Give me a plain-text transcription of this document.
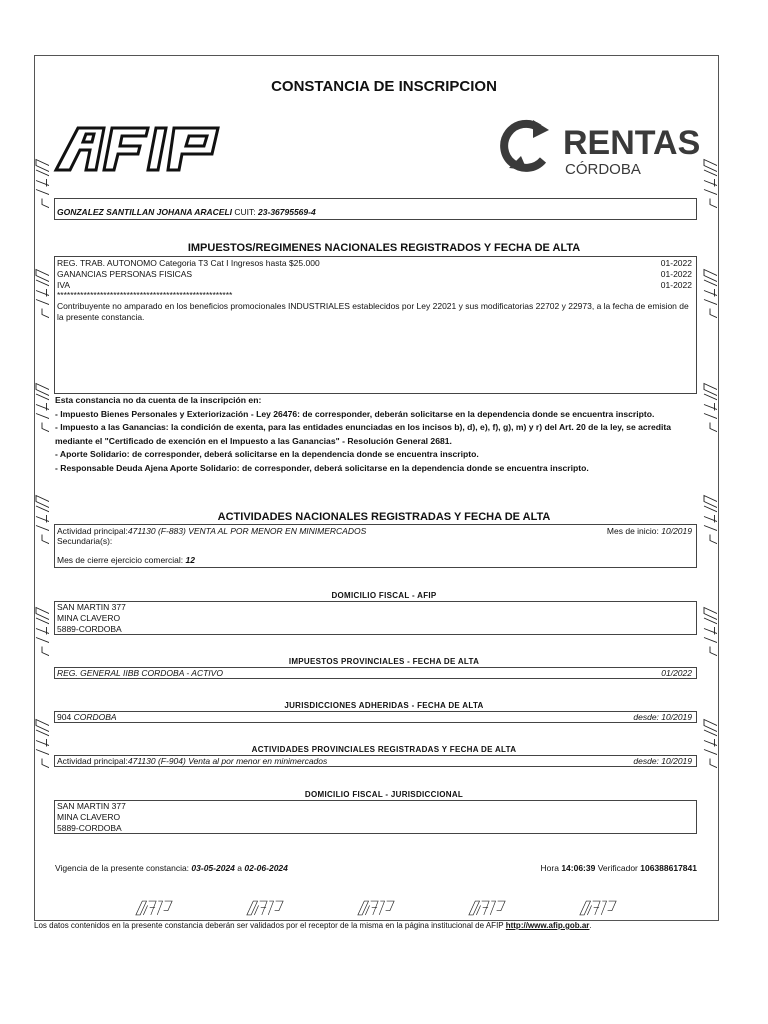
CONSTANCIA DE INSCRIPCION
RENTAS
CÓRDOBA
GONZALEZ SANTILLAN JOHANA ARACELI CUIT: 23-36795569-4
IMPUESTOS/REGIMENES NACIONALES REGISTRADOS Y FECHA DE ALTA
REG. TRAB. AUTONOMO Categoria T3 Cat I Ingresos hasta $25.000	01-2022
GANANCIAS PERSONAS FISICAS	01-2022
IVA	01-2022
*****************************************************
Contribuyente no amparado en los beneficios promocionales INDUSTRIALES establecidos por Ley 22021 y sus modificatorias 22702 y 22973, a la fecha de emision de la presente constancia.
Esta constancia no da cuenta de la inscripción en:
- Impuesto Bienes Personales y Exteriorización - Ley 26476: de corresponder, deberán solicitarse en la dependencia donde se encuentra inscripto.
- Impuesto a las Ganancias: la condición de exenta, para las entidades enunciadas en los incisos b), d), e), f), g), m) y r) del Art. 20 de la ley, se acredita mediante el "Certificado de exención en el Impuesto a las Ganancias" - Resolución General 2681.
- Aporte Solidario: de corresponder, deberá solicitarse en la dependencia donde se encuentra inscripto.
- Responsable Deuda Ajena Aporte Solidario: de corresponder, deberá solicitarse en la dependencia donde se encuentra inscripto.
ACTIVIDADES NACIONALES REGISTRADAS Y FECHA DE ALTA
Actividad principal:471130 (F-883) VENTA AL POR MENOR EN MINIMERCADOS	Mes de inicio: 10/2019
Secundaria(s):
Mes de cierre ejercicio comercial: 12
DOMICILIO FISCAL - AFIP
SAN MARTIN 377
MINA CLAVERO
5889-CORDOBA
IMPUESTOS PROVINCIALES - FECHA DE ALTA
REG. GENERAL IIBB CORDOBA - ACTIVO	01/2022
JURISDICCIONES ADHERIDAS - FECHA DE ALTA
904 CORDOBA	desde: 10/2019
ACTIVIDADES PROVINCIALES REGISTRADAS Y FECHA DE ALTA
Actividad principal:471130 (F-904) Venta al por menor en minimercados	desde: 10/2019
DOMICILIO FISCAL - JURISDICCIONAL
SAN MARTIN 377
MINA CLAVERO
5889-CORDOBA
Vigencia de la presente constancia: 03-05-2024 a 02-06-2024	Hora 14:06:39 Verificador 106388617841
Los datos contenidos en la presente constancia deberán ser validados por el receptor de la misma en la página institucional de AFIP http://www.afip.gob.ar.
